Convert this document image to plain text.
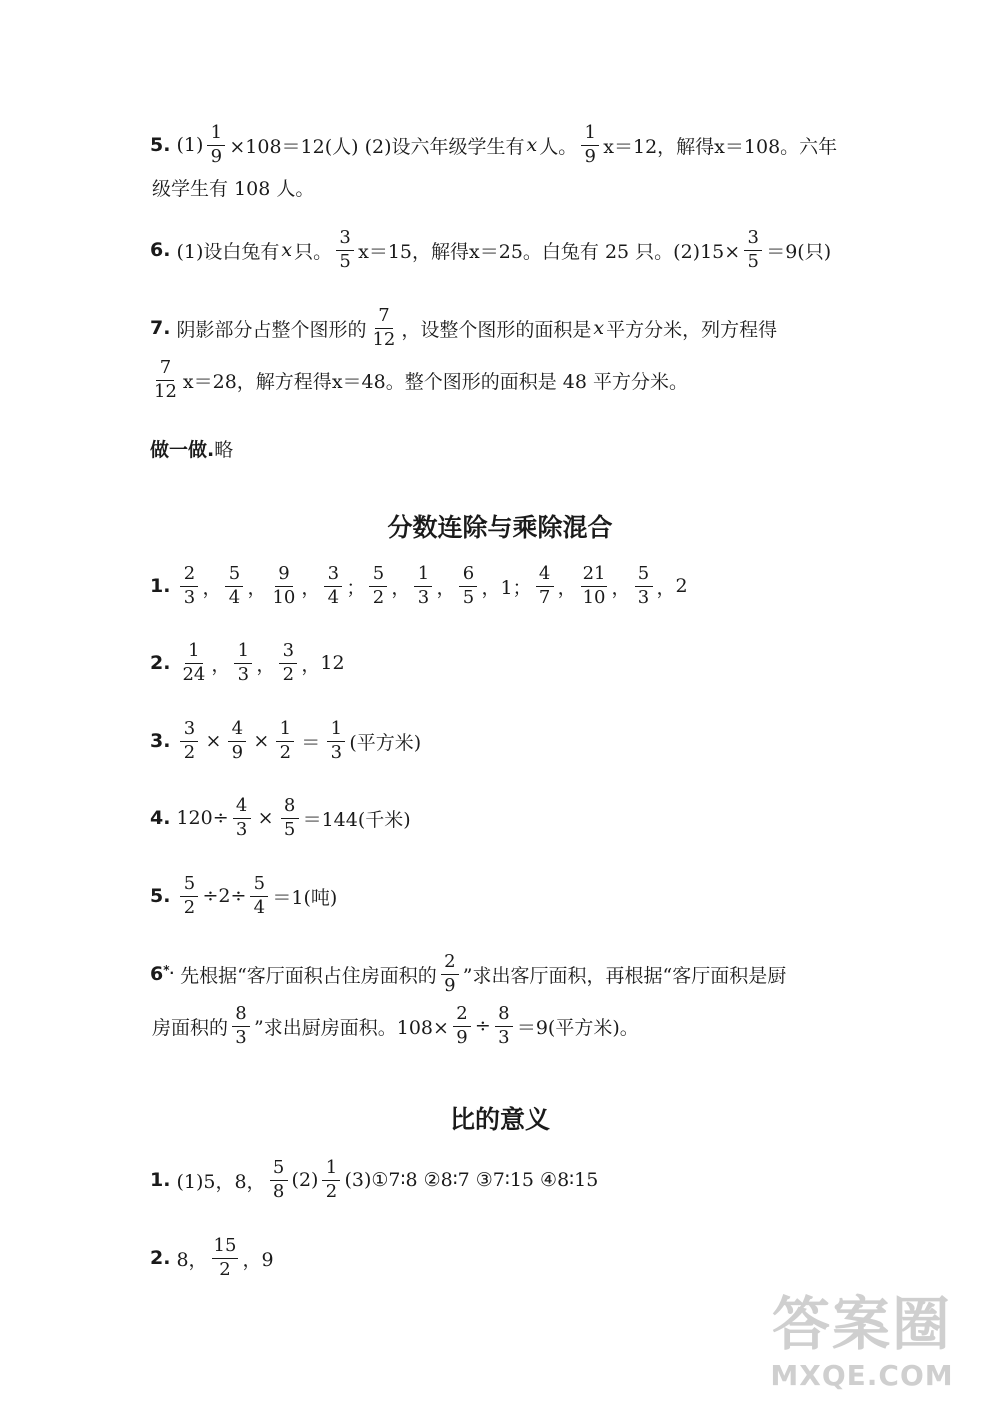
5. $(1) \frac{1}{9} \times 108=12$(人) (2)设六年级学生有 x 人。 $\frac{1}{9} x=12$，解得 x＝108。六年
级学生有 108 人。
6. (1)设白兔有 x 只。 $\frac{3}{5} x=15$，解得 x＝25。白兔有 25 只。$(2)15\times \frac{3}{5} =9$(只)
7. 阴影部分占整个图形的 $\frac{7}{12}$ ，设整个图形的面积是 x 平方分米，列方程得
$\frac{7}{12} x=28$，解方程得 x＝48。整个图形的面积是 48 平方分米。
做一做. 略
分数连除与乘除混合
1. $\frac{2}{3}$ ， $\frac{5}{4}$ ， $\frac{9}{10}$ ， $\frac{3}{4}$ ； $\frac{5}{2}$ ， $\frac{1}{3}$ ， $\frac{6}{5}$ ， 1； $\frac{4}{7}$ ， $\frac{21}{10}$ ， $\frac{5}{3}$ ， 2
2. $\frac{1}{24}$ ， $\frac{1}{3}$ ， $\frac{3}{2}$ ， 12
3. $\frac{3}{2} \times \frac{4}{9} \times \frac{1}{2} = \frac{1}{3}$ (平方米)
4. $120\div \frac{4}{3} \times \frac{8}{5} =144$(千米)
5. $\frac{5}{2} \div 2\div \frac{5}{4} =1$(吨)
6*. 先根据“客厅面积占住房面积的 $\frac{2}{9}$ ”求出客厅面积，再根据“客厅面积是厨
房面积的 $\frac{8}{3}$ ”求出厨房面积。$108\times \frac{2}{9} \div \frac{8}{3} =9$(平方米)。
比的意义
1. (1)5，8， $\frac{5}{8} (2) \frac{1}{2}$ (3)①7∶8 ②8∶7 ③7∶15 ④8∶15
2. 8， $\frac{15}{2}$ ，9
答案圈
MXQE.COM
